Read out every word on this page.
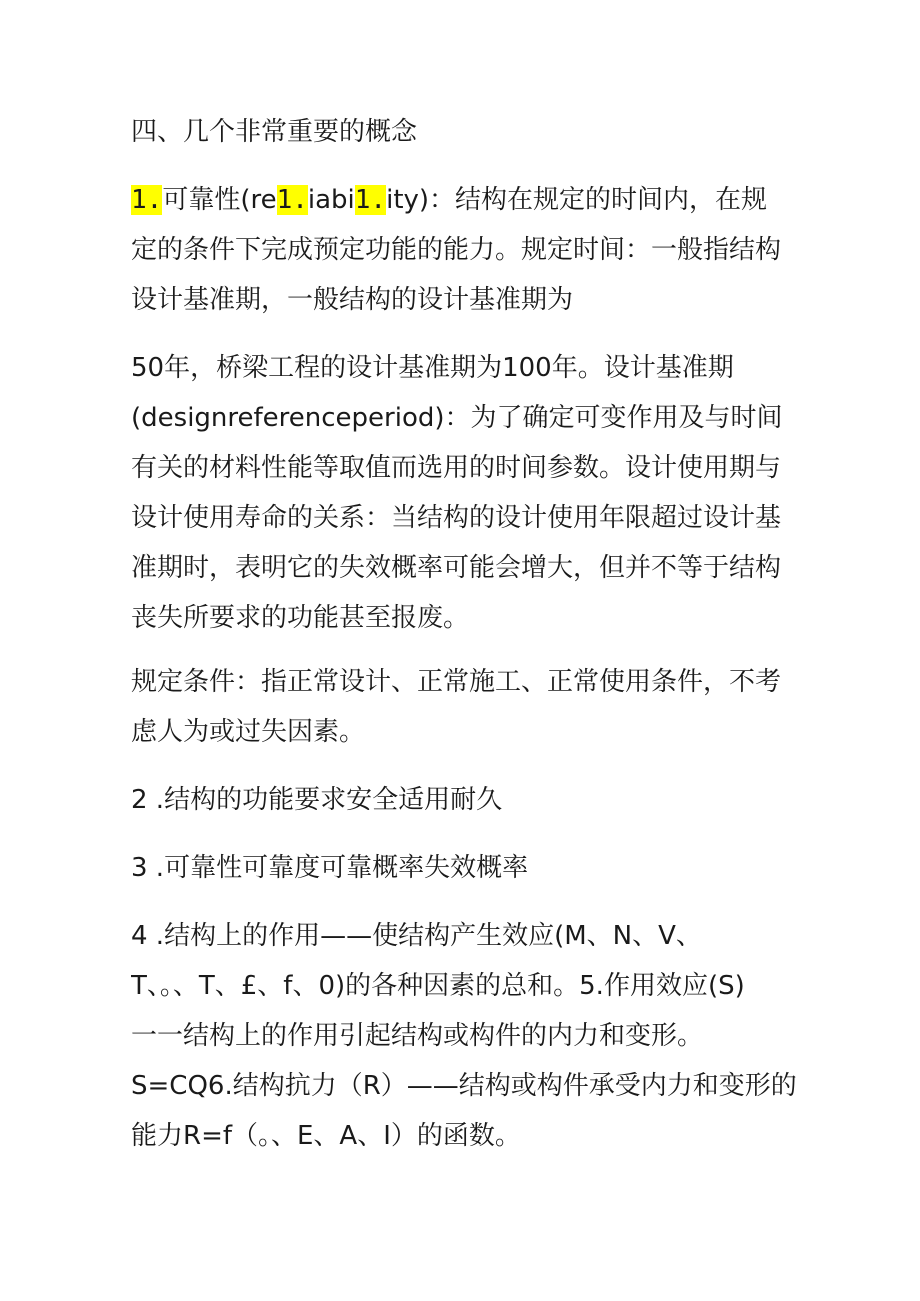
四、几个非常重要的概念
1.可靠性(re1.iabi1.ity)：结构在规定的时间内，在规
定的条件下完成预定功能的能力。规定时间：一般指结构
设计基准期，一般结构的设计基准期为
50年，桥梁工程的设计基准期为100年。设计基准期
(designreferenceperiod)：为了确定可变作用及与时间
有关的材料性能等取值而选用的时间参数。设计使用期与
设计使用寿命的关系：当结构的设计使用年限超过设计基
准期时，表明它的失效概率可能会增大，但并不等于结构
丧失所要求的功能甚至报废。
规定条件：指正常设计、正常施工、正常使用条件，不考
虑人为或过失因素。
2 .结构的功能要求安全适用耐久
3 .可靠性可靠度可靠概率失效概率
4 .结构上的作用——使结构产生效应(M、N、V、
T、。、T、£、f、0)的各种因素的总和。5.作用效应(S)
一一结构上的作用引起结构或构件的内力和变形。
S=CQ6.结构抗力（R）——结构或构件承受内力和变形的
能力R=f（。、E、A、I）的函数。
